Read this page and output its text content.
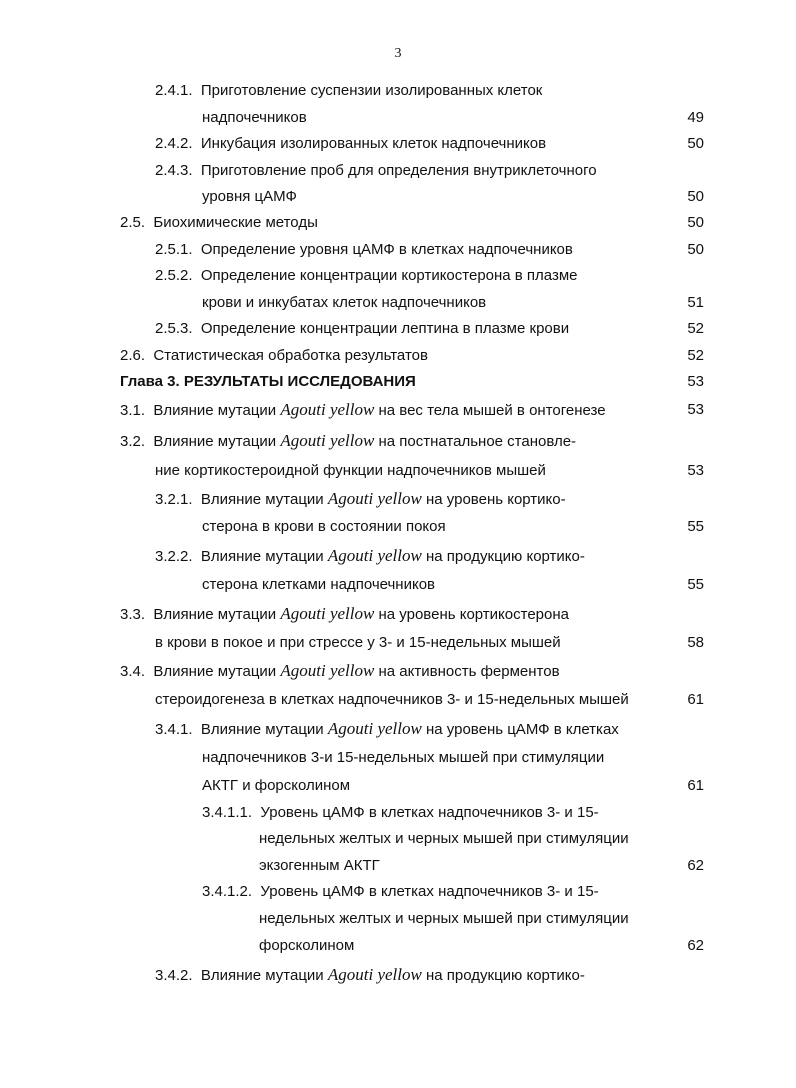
3
2.4.1. Приготовление суспензии изолированных клеток
надпочечников	49
2.4.2. Инкубация изолированных клеток надпочечников	50
2.4.3. Приготовление проб для определения внутриклеточного
уровня цАМФ	50
2.5. Биохимические методы	50
2.5.1. Определение уровня цАМФ в клетках надпочечников	50
2.5.2. Определение концентрации кортикостерона в плазме
крови и инкубатах клеток надпочечников	51
2.5.3. Определение концентрации лептина в плазме крови	52
2.6. Статистическая обработка результатов	52
Глава 3. РЕЗУЛЬТАТЫ ИССЛЕДОВАНИЯ	53
3.1. Влияние мутации Agouti yellow на вес тела мышей в онтогенезе	53
3.2. Влияние мутации Agouti yellow на постнатальное становле-
ние кортикостероидной функции надпочечников мышей	53
3.2.1. Влияние мутации Agouti yellow на уровень кортико-
стерона в крови в состоянии покоя	55
3.2.2. Влияние мутации Agouti yellow на продукцию кортико-
стерона клетками надпочечников	55
3.3. Влияние мутации Agouti yellow на уровень кортикостерона
в крови в покое и при стрессе у 3- и 15-недельных мышей	58
3.4. Влияние мутации Agouti yellow на активность ферментов
стероидогенеза в клетках надпочечников 3- и 15-недельных мышей	61
3.4.1. Влияние мутации Agouti yellow на уровень цАМФ в клетках
надпочечников 3-и 15-недельных мышей при стимуляции
АКТГ и форсколином	61
3.4.1.1. Уровень цАМФ в клетках надпочечников 3- и 15-
недельных желтых и черных мышей при стимуляции
экзогенным АКТГ	62
3.4.1.2. Уровень цАМФ в клетках надпочечников 3- и 15-
недельных желтых и черных мышей при стимуляции
форсколином	62
3.4.2. Влияние мутации Agouti yellow на продукцию кортико-
